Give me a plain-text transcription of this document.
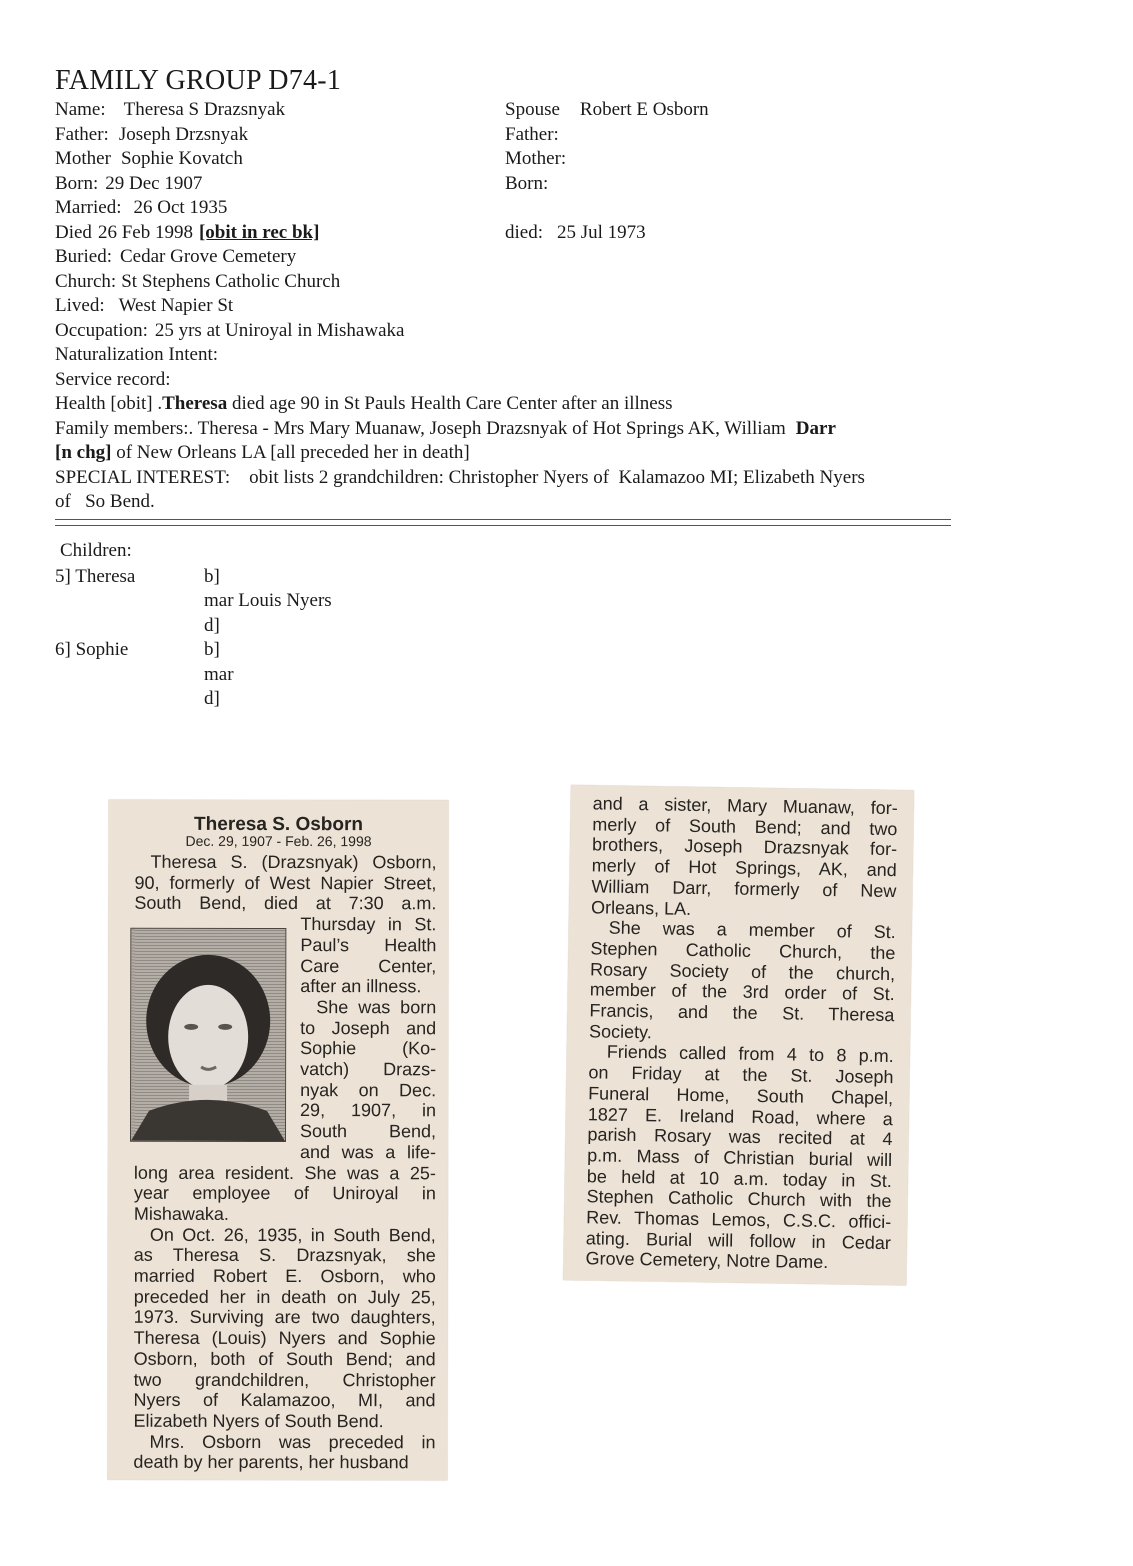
FAMILY GROUP D74-1
Name: Theresa S Drazsnyak
Father: Joseph Drzsnyak
Mother Sophie Kovatch
Born: 29 Dec 1907
Married: 26 Oct 1935
Died 26 Feb 1998 [obit in rec bk]
Buried: Cedar Grove Cemetery
Church: St Stephens Catholic Church
Lived: West Napier St
Occupation: 25 yrs at Uniroyal in Mishawaka
Naturalization Intent:
Service record:
Spouse Robert E Osborn
Father:
Mother:
Born:
died: 25 Jul 1973
Health [obit] .Theresa died age 90 in St Pauls Health Care Center after an illness
Family members:. Theresa - Mrs Mary Muanaw, Joseph Drazsnyak of Hot Springs AK, William Darr
[n chg] of New Orleans LA [all preceded her in death]
SPECIAL INTEREST:    obit lists 2 grandchildren: Christopher Nyers of  Kalamazoo MI; Elizabeth Nyers
of   So Bend.
Children:
5] Theresa	b]
mar Louis Nyers
d]
6] Sophie	b]
mar
d]
Theresa S. Osborn
Dec. 29, 1907 - Feb. 26, 1998
Theresa S. (Drazsnyak) Osborn,
90, formerly of West Napier Street,
South Bend, died at 7:30 a.m.
Thursday in St.
Paul’s Health
Care Center,
after an illness.
She was born
to Joseph and
Sophie (Ko-
vatch) Drazs-
nyak on Dec.
29, 1907, in
South Bend,
and was a life-
long area resident. She was a 25-
year employee of Uniroyal in
Mishawaka.
On Oct. 26, 1935, in South Bend,
as Theresa S. Drazsnyak, she
married Robert E. Osborn, who
preceded her in death on July 25,
1973. Surviving are two daughters,
Theresa (Louis) Nyers and Sophie
Osborn, both of South Bend; and
two grandchildren, Christopher
Nyers of Kalamazoo, MI, and
Elizabeth Nyers of South Bend.
Mrs. Osborn was preceded in
death by her parents, her husband
and a sister, Mary Muanaw, for-
merly of South Bend; and two
brothers, Joseph Drazsnyak for-
merly of Hot Springs, AK, and
William Darr, formerly of New
Orleans, LA.
She was a member of St.
Stephen Catholic Church, the
Rosary Society of the church,
member of the 3rd order of St.
Francis, and the St. Theresa
Society.
Friends called from 4 to 8 p.m.
on Friday at the St. Joseph
Funeral Home, South Chapel,
1827 E. Ireland Road, where a
parish Rosary was recited at 4
p.m. Mass of Christian burial will
be held at 10 a.m. today in St.
Stephen Catholic Church with the
Rev. Thomas Lemos, C.S.C. offici-
ating. Burial will follow in Cedar
Grove Cemetery, Notre Dame.
